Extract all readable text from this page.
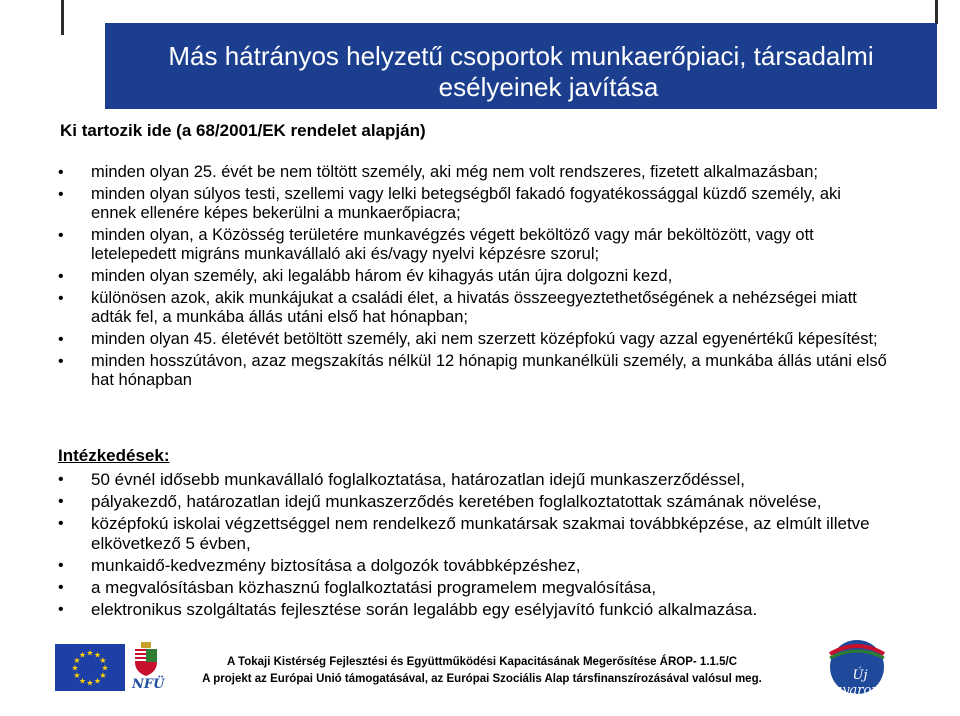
Más hátrányos helyzetű csoportok munkaerőpiaci, társadalmi
esélyeinek javítása
Ki tartozik ide (a 68/2001/EK rendelet alapján)
• minden olyan 25. évét be nem töltött személy, aki még nem volt rendszeres, fizetett alkalmazásban;
• minden olyan súlyos testi, szellemi vagy lelki betegségből fakadó fogyatékossággal küzdő személy, aki ennek ellenére képes bekerülni a munkaerőpiacra;
• minden olyan, a Közösség területére munkavégzés végett beköltöző vagy már beköltözött, vagy ott letelepedett migráns munkavállaló aki és/vagy nyelvi képzésre szorul;
• minden olyan személy, aki legalább három év kihagyás után újra dolgozni kezd,
• különösen azok, akik munkájukat a családi élet, a hivatás összeegyeztethetőségének a nehézségei miatt adták fel, a munkába állás utáni első hat hónapban;
• minden olyan 45. életévét betöltött személy, aki nem szerzett középfokú vagy azzal egyenértékű képesítést;
• minden hosszútávon, azaz megszakítás nélkül 12 hónapig munkanélküli személy, a munkába állás utáni első hat hónapban
Intézkedések:
• 50 évnél idősebb munkavállaló foglalkoztatása, határozatlan idejű munkaszerződéssel,
• pályakezdő, határozatlan idejű munkaszerződés keretében foglalkoztatottak számának növelése,
• középfokú iskolai végzettséggel nem rendelkező munkatársak szakmai továbbképzése, az elmúlt illetve elkövetkező 5 évben,
• munkaidő-kedvezmény biztosítása a dolgozók továbbképzéshez,
• a megvalósításban közhasznú foglalkoztatási programelem megvalósítása,
• elektronikus szolgáltatás fejlesztése során legalább egy esélyjavító funkció alkalmazása.
★
★
★
★
★
★
★
★
★ ★ ★
★
NFÜ
A Tokaji Kistérség Fejlesztési és Együttműködési Kapacitásának Megerősítése ÁROP- 1.1.5/C
A projekt az Európai Unió támogatásával, az Európai Szociális Alap társfinanszírozásával valósul meg.	Új Magyarország
